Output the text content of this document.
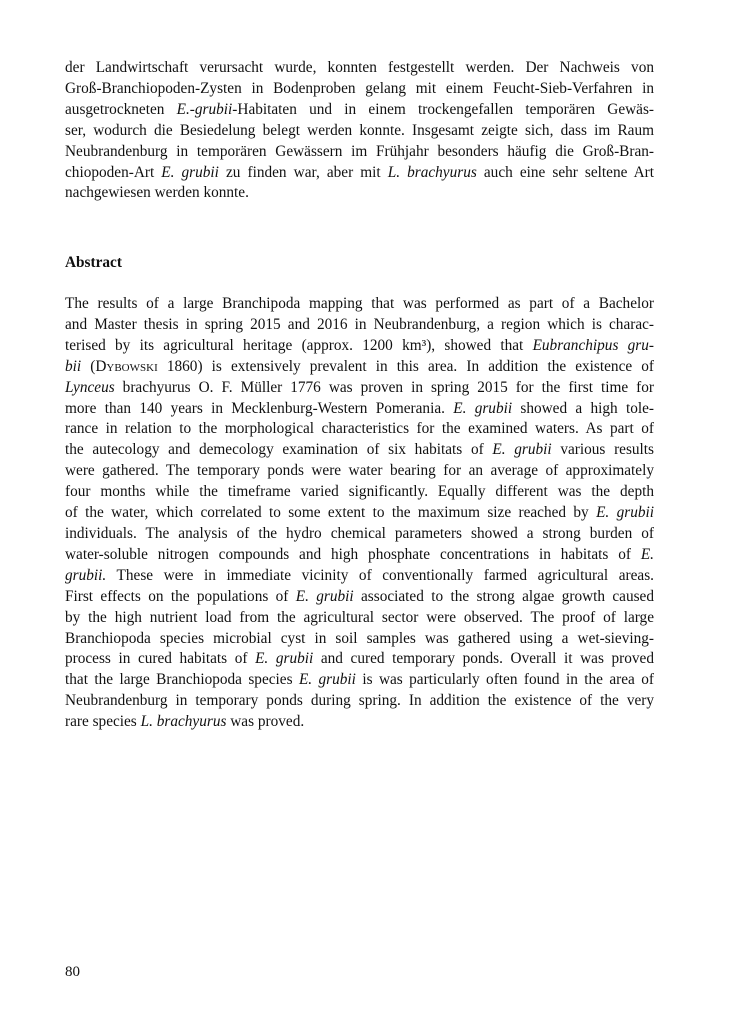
der Landwirtschaft verursacht wurde, konnten festgestellt werden. Der Nachweis von
Groß-Branchiopoden-Zysten in Bodenproben gelang mit einem Feucht-Sieb-Verfahren in
ausgetrockneten E.-grubii-Habitaten und in einem trockengefallen temporären Gewäs-
ser, wodurch die Besiedelung belegt werden konnte. Insgesamt zeigte sich, dass im Raum
Neubrandenburg in temporären Gewässern im Frühjahr besonders häufig die Groß-Bran-
chiopoden-Art E. grubii zu finden war, aber mit L. brachyurus auch eine sehr seltene Art
nachgewiesen werden konnte.
Abstract
The results of a large Branchipoda mapping that was performed as part of a Bachelor
and Master thesis in spring 2015 and 2016 in Neubrandenburg, a region which is charac-
terised by its agricultural heritage (approx. 1200 km³), showed that Eubranchipus gru-
bii (Dybowski 1860) is extensively prevalent in this area. In addition the existence of
Lynceus brachyurus O. F. Müller 1776 was proven in spring 2015 for the first time for
more than 140 years in Mecklenburg-Western Pomerania. E. grubii showed a high tole-
rance in relation to the morphological characteristics for the examined waters. As part of
the autecology and demecology examination of six habitats of E. grubii various results
were gathered. The temporary ponds were water bearing for an average of approximately
four months while the timeframe varied significantly. Equally different was the depth
of the water, which correlated to some extent to the maximum size reached by E. grubii
individuals. The analysis of the hydro chemical parameters showed a strong burden of
water-soluble nitrogen compounds and high phosphate concentrations in habitats of E.
grubii. These were in immediate vicinity of conventionally farmed agricultural areas.
First effects on the populations of E. grubii associated to the strong algae growth caused
by the high nutrient load from the agricultural sector were observed. The proof of large
Branchiopoda species microbial cyst in soil samples was gathered using a wet-sieving-
process in cured habitats of E. grubii and cured temporary ponds. Overall it was proved
that the large Branchiopoda species E. grubii is was particularly often found in the area of
Neubrandenburg in temporary ponds during spring. In addition the existence of the very
rare species L. brachyurus was proved.

80
